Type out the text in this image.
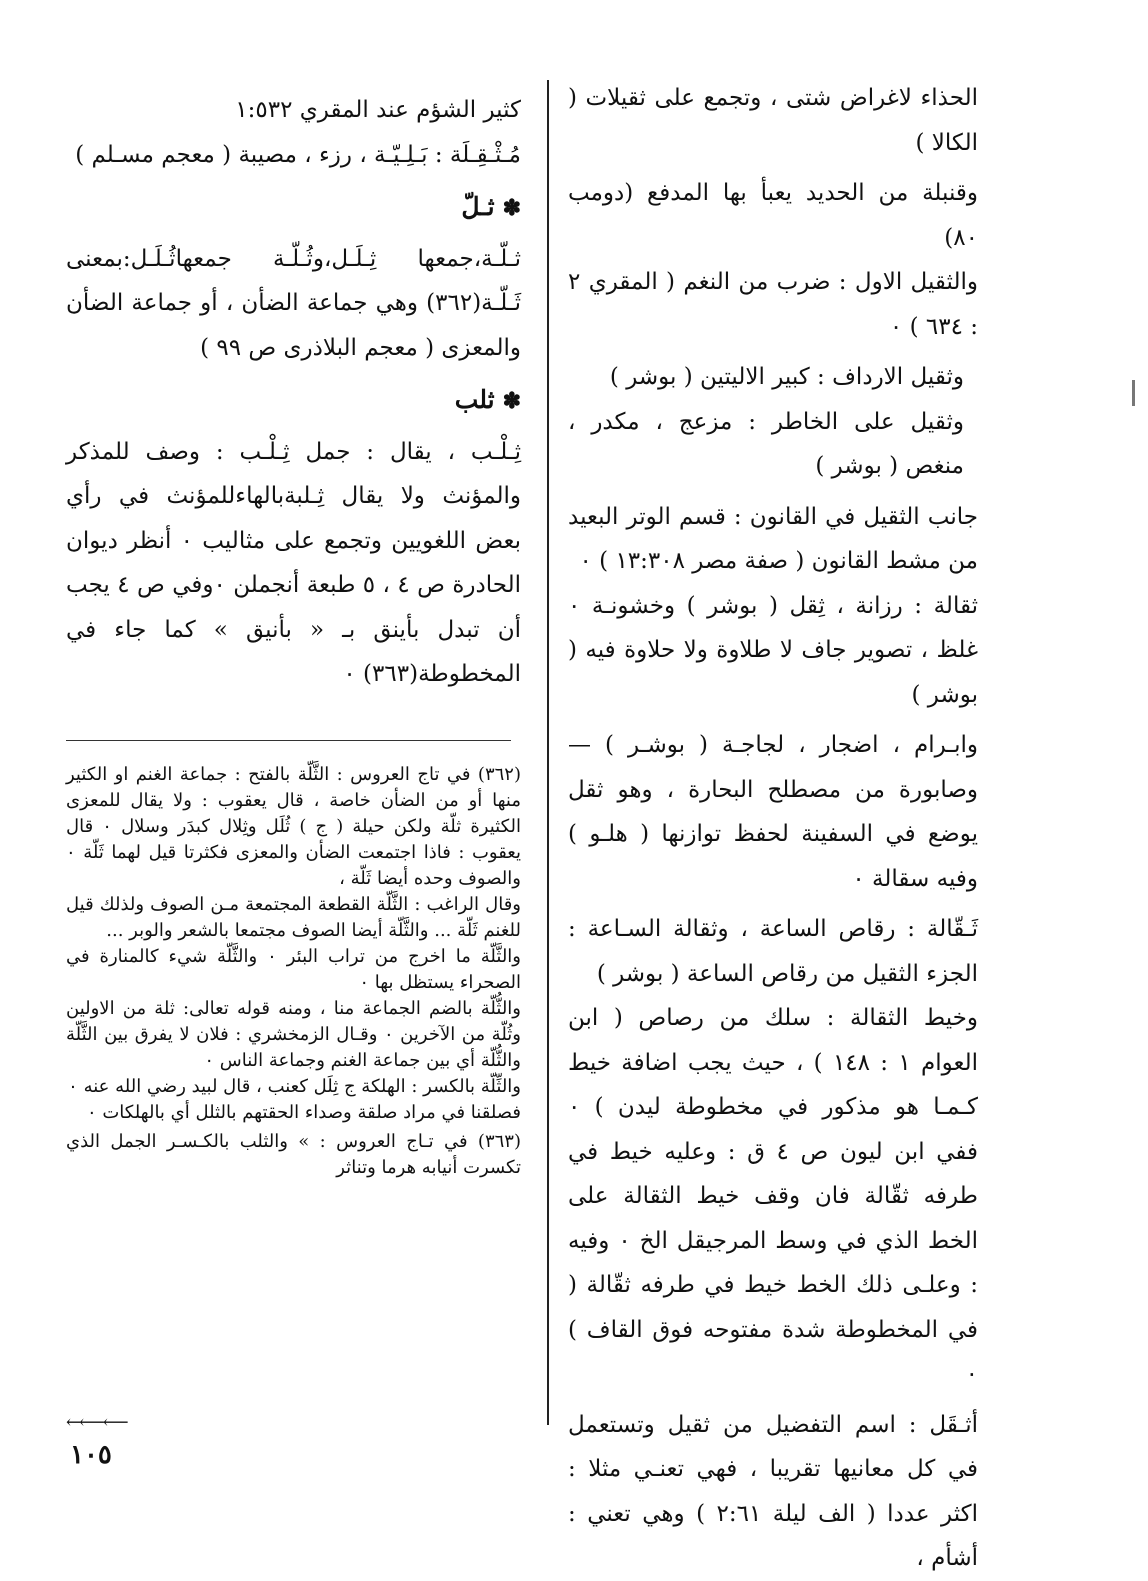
الحذاء لاغراض شتى ، وتجمع على ثقيلات ( الكالا )

وقنبلة من الحديد يعبأ بها المدفع (دومب ٨٠)

والثقيل الاول : ضرب من النغم ( المقري ٢ : ٦٣٤ ) ٠

وثقيل الارداف : كبير الاليتين ( بوشر )

وثقيل على الخاطر : مزعج ، مكدر ، منغص ( بوشر )

جانب الثقيل في القانون : قسم الوتر البعيد من مشط القانون ( صفة مصر ١٣:٣٠٨ ) ٠

ثقالة : رزانة ، ثِقل ( بوشر ) وخشونـة ٠ غلظ ، تصوير جاف لا طلاوة ولا حلاوة فيه ( بوشر )

وابـرام ، اضجار ، لجاجـة ( بوشـر ) — وصابورة من مصطلح البحارة ، وهو ثقل يوضع في السفينة لحفظ توازنها ( هلـو ) وفيه سقالة ٠

ثَـقّالة : رقاص الساعة ، وثقالة السـاعة : الجزء الثقيل من رقاص الساعة ( بوشر )

وخيط الثقالة : سلك من رصاص ( ابن العوام ١ : ١٤٨ ) ، حيث يجب اضافة خيط كـمـا هو مذكور في مخطوطة ليدن ) ٠ ففي ابن ليون ص ٤ ق : وعليه خيط في طرفه ثقّالة فان وقف خيط الثقالة على الخط الذي في وسط المرجيقل الخ ٠ وفيه : وعلـى ذلك الخط خيط في طرفه ثقّالة ( في المخطوطة شدة مفتوحه فوق القاف ) ٠

أثـقَل : اسم التفضيل من ثقيل وتستعمل في كل معانيها تقريبا ، فهي تعنـي مثلا : اكثر عددا ( الف ليلة ٢:٦١ ) وهي تعني : أشأم ،

كثير الشؤم عند المقري ١:٥٣٢

مُـثْـقِـلَة : بَـلِـيّـة ، رزء ، مصيبة ( معجم مسـلم )

✽ثـلّ

ثـلّـة،جمعها ثِـلَـل،وثُـلّـة جمعهاثُـلَـل:بمعنى ثَـلّـة(٣٦٢) وهي جماعة الضأن ، أو جماعة الضأن والمعزى ( معجم البلاذرى ص ٩٩ )

✽ثلب

ثِـلْـب ، يقال : جمل ثِـلْـب : وصف للمذكر والمؤنث ولا يقال ثِـلبةبالهاءللمؤنث في رأي بعض اللغويين وتجمع على مثاليب ٠ أنظر ديوان الحادرة ص ٤ ، ٥ طبعة أنجملن ٠وفي ص ٤ يجب أن تبدل بأينق بـ « بأنيق » كما جاء في المخطوطة(٣٦٣) ٠

(٣٦٢) في تاج العروس : الثَّلّة بالفتح : جماعة الغنم او الكثير منها أو من الضأن خاصة ، قال يعقوب : ولا يقال للمعزى الكثيرة ثلّة ولكن حيلة ( ج ) ثُلَل وثِلال كبدَر وسلال ٠ قال يعقوب : فاذا اجتمعت الضأن والمعزى فكثرتا قيل لهما ثَلّة ٠ والصوف وحده أيضا ثَلّة ،

وقال الراغب : الثَّلّة القطعة المجتمعة مـن الصوف ولذلك قيل للغنم ثَلّة ... والثَّلّة أيضا الصوف مجتمعا بالشعر والوبر ...

والثَّلّة ما اخرج من تراب البئر ٠ والثَّلّة شيء كالمنارة في الصحراء يستظل بها ٠

والثُّلّة بالضم الجماعة منا ، ومنه قوله تعالى: ثلة من الاولين وثُلّة من الآخرين ٠ وقـال الزمخشري : فلان لا يفرق بين الثَّلّة والثُّلّة أي بين جماعة الغنم وجماعة الناس ٠

والثِّلّة بالكسر : الهلكة ج ثِلَل كعنب ، قال لبيد رضي الله عنه ٠

فصلقنا في مراد صلقة وصداء الحقتهم بالثلل أي بالهلكات ٠

(٣٦٣) في تـاج العروس : » والثلب بالكـسـر الجمل الذي تكسرت أنيابه هرما وتناثر

←⟵⟵
١٠٥
